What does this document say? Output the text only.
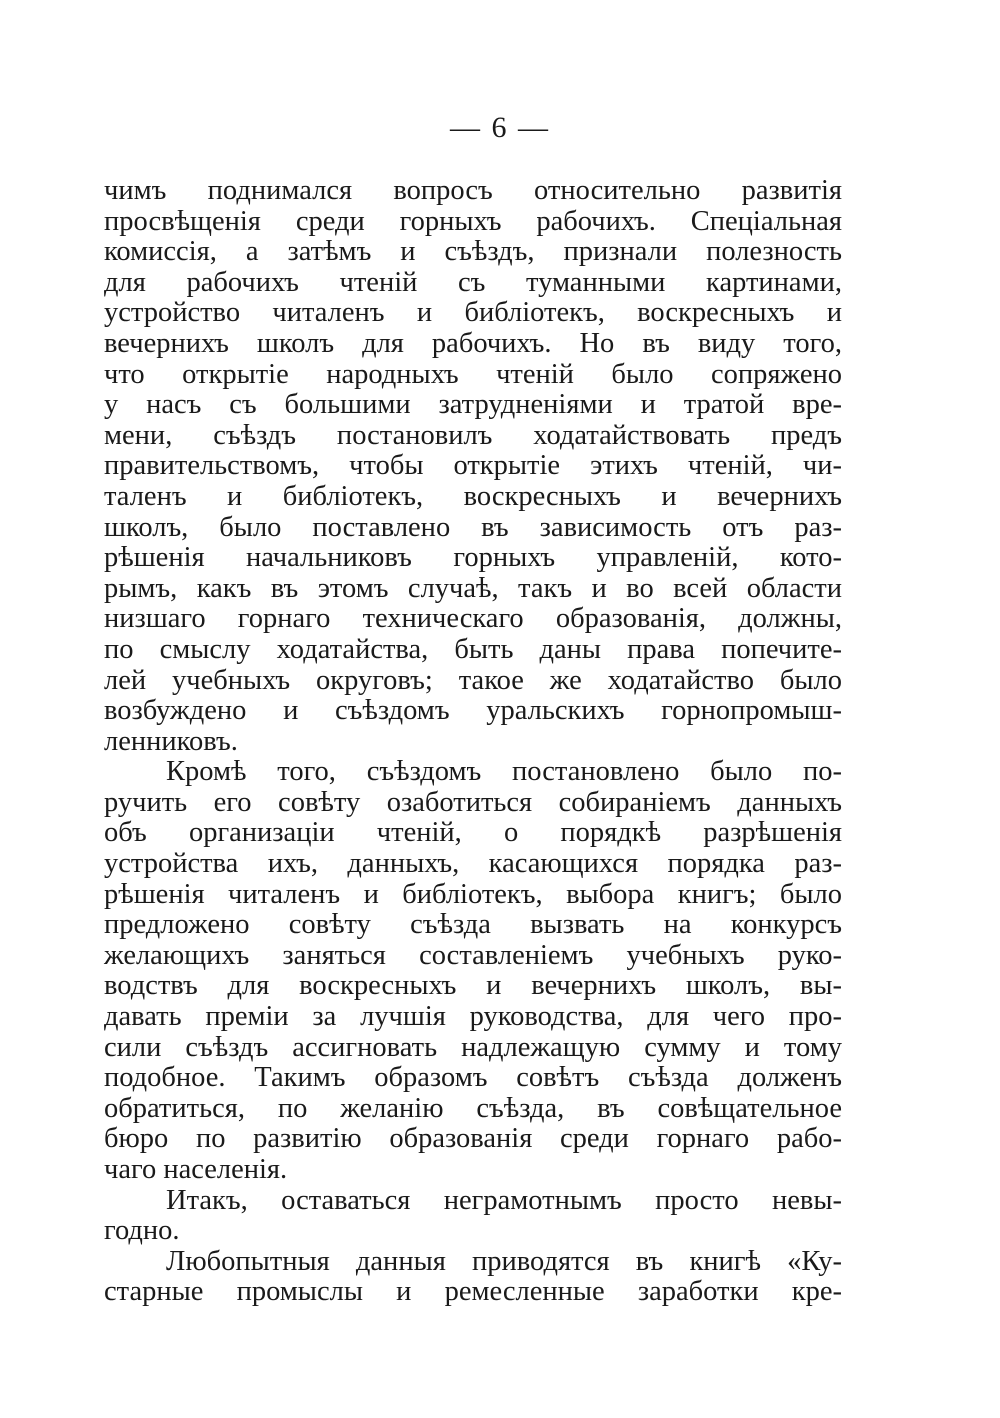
— 6 —
чимъ поднимался вопросъ относительно развитія
просвѣщенія среди горныхъ рабочихъ. Спеціальная
комиссія, а затѣмъ и съѣздъ, признали полезность
для рабочихъ чтеній съ туманными картинами,
устройство читаленъ и библіотекъ, воскресныхъ и
вечернихъ школъ для рабочихъ. Но въ виду того,
что открытіе народныхъ чтеній было сопряжено
у насъ съ большими затрудненіями и тратой вре-
мени, съѣздъ постановилъ ходатайствовать предъ
правительствомъ, чтобы открытіе этихъ чтеній, чи-
таленъ и библіотекъ, воскресныхъ и вечернихъ
школъ, было поставлено въ зависимость отъ раз-
рѣшенія начальниковъ горныхъ управленій, кото-
рымъ, какъ въ этомъ случаѣ, такъ и во всей области
низшаго горнаго техническаго образованія, должны,
по смыслу ходатайства, быть даны права попечите-
лей учебныхъ округовъ; такое же ходатайство было
возбуждено и съѣздомъ уральскихъ горнопромыш-
ленниковъ.
Кромѣ того, съѣздомъ постановлено было по-
ручить его совѣту озаботиться собираніемъ данныхъ
объ организаціи чтеній, о порядкѣ разрѣшенія
устройства ихъ, данныхъ, касающихся порядка раз-
рѣшенія читаленъ и библіотекъ, выбора книгъ; было
предложено совѣту съѣзда вызвать на конкурсъ
желающихъ заняться составленіемъ учебныхъ руко-
водствъ для воскресныхъ и вечернихъ школъ, вы-
давать преміи за лучшія руководства, для чего про-
сили съѣздъ ассигновать надлежащую сумму и тому
подобное. Такимъ образомъ совѣтъ съѣзда долженъ
обратиться, по желанію съѣзда, въ совѣщательное
бюро по развитію образованія среди горнаго рабо-
чаго населенія.
Итакъ, оставаться неграмотнымъ просто невы-
годно.
Любопытныя данныя приводятся въ книгѣ «Ку-
старные промыслы и ремесленные заработки кре-
